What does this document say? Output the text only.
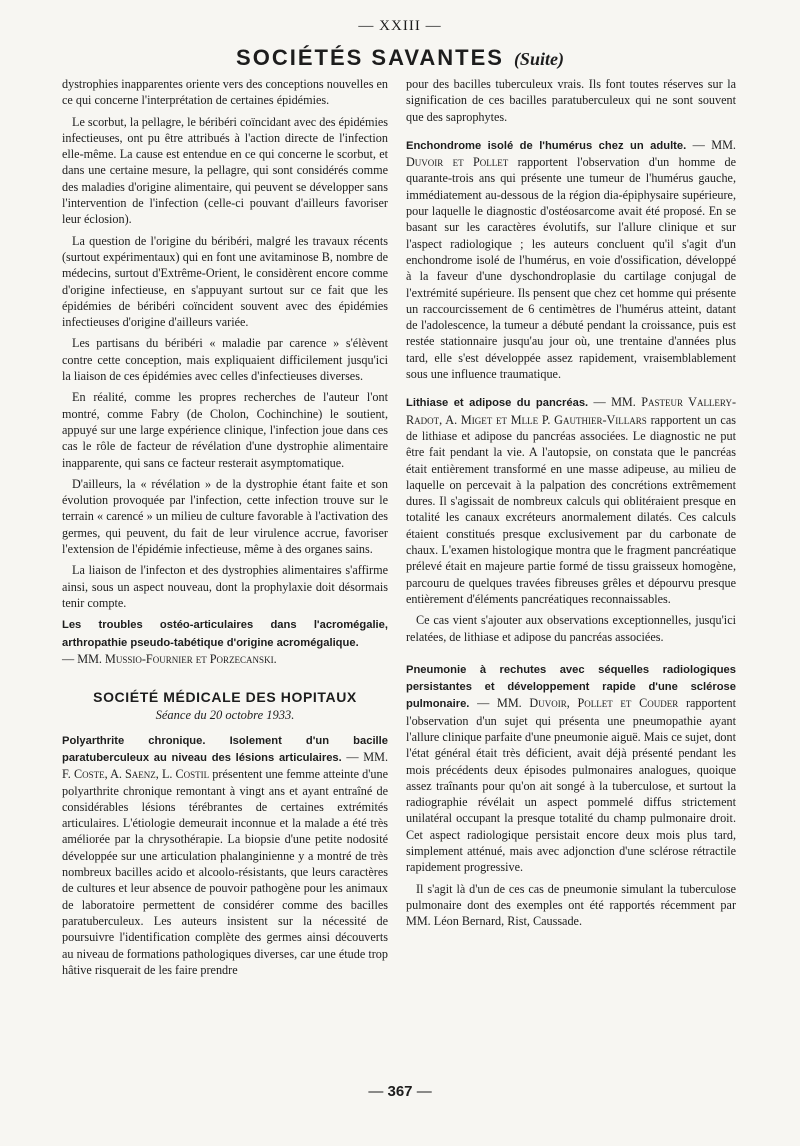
— XXIII —
SOCIÉTÉS SAVANTES (Suite)

dystrophies inapparentes oriente vers des conceptions nouvelles en ce qui concerne l'interprétation de certaines épidémies.

Le scorbut, la pellagre, le béribéri coïncidant avec des épidémies infectieuses, ont pu être attribués à l'action directe de l'infection elle-même. La cause est entendue en ce qui concerne le scorbut, et dans une certaine mesure, la pellagre, qui sont considérés comme des maladies d'origine alimentaire, qui peuvent se développer sans l'intervention de l'infection (celle-ci pouvant d'ailleurs favoriser leur éclosion).

La question de l'origine du béribéri, malgré les travaux récents (surtout expérimentaux) qui en font une avitaminose B, nombre de médecins, surtout d'Extrême-Orient, le considèrent encore comme d'origine infectieuse, en s'appuyant surtout sur ce fait que les épidémies de béribéri coïncident souvent avec des épidémies infectieuses d'origine d'ailleurs variée.

Les partisans du béribéri « maladie par carence » s'élèvent contre cette conception, mais expliquaient difficilement jusqu'ici la liaison de ces épidémies avec celles d'infectieuses diverses.

En réalité, comme les propres recherches de l'auteur l'ont montré, comme Fabry (de Cholon, Cochinchine) le soutient, appuyé sur une large expérience clinique, l'infection joue dans ces cas le rôle de facteur de révélation d'une dystrophie alimentaire inapparente, qui sans ce facteur resterait asymptomatique.

D'ailleurs, la « révélation » de la dystrophie étant faite et son évolution provoquée par l'infection, cette infection trouve sur le terrain « carencé » un milieu de culture favorable à l'activation des germes, qui peuvent, du fait de leur virulence accrue, favoriser l'extension de l'épidémie infectieuse, même à des organes sains.

La liaison de l'infecton et des dystrophies alimentaires s'affirme ainsi, sous un aspect nouveau, dont la prophylaxie doit désormais tenir compte.

Les troubles ostéo-articulaires dans l'acromégalie, arthropathie pseudo-tabétique d'origine acromégalique.
— MM. Mussio-Fournier et Porzecanski.

SOCIÉTÉ MÉDICALE DES HOPITAUX
Séance du 20 octobre 1933.

Polyarthrite chronique. Isolement d'un bacille paratuberculeux au niveau des lésions articulaires. — MM. F. Coste, A. Saenz, L. Costil présentent une femme atteinte d'une polyarthrite chronique remontant à vingt ans et ayant entraîné de considérables lésions térébrantes de certaines extrémités articulaires. L'étiologie demeurait inconnue et la malade a été très améliorée par la chrysothérapie. La biopsie d'une petite nodosité développée sur une articulation phalanginienne y a montré de très nombreux bacilles acido et alcoolo-résistants, que leurs caractères de cultures et leur absence de pouvoir pathogène pour les animaux de laboratoire permettent de considérer comme des bacilles paratuberculeux. Les auteurs insistent sur la nécessité de poursuivre l'identification complète des germes ainsi découverts au niveau de formations pathologiques diverses, car une étude trop hâtive risquerait de les faire prendre

pour des bacilles tuberculeux vrais. Ils font toutes réserves sur la signification de ces bacilles paratuberculeux qui ne sont souvent que des saprophytes.

Enchondrome isolé de l'humérus chez un adulte. — MM. Duvoir et Pollet rapportent l'observation d'un homme de quarante-trois ans qui présente une tumeur de l'humérus gauche, immédiatement au-dessous de la région dia-épiphysaire supérieure, pour laquelle le diagnostic d'ostéosarcome avait été proposé. En se basant sur les caractères évolutifs, sur l'allure clinique et sur l'aspect radiologique ; les auteurs concluent qu'il s'agit d'un enchondrome isolé de l'humérus, en voie d'ossification, développé à la faveur d'une dyschondroplasie du cartilage conjugal de l'extrémité supérieure. Ils pensent que chez cet homme qui présente un raccourcissement de 6 centimètres de l'humérus atteint, datant de l'adolescence, la tumeur a débuté pendant la croissance, puis est restée stationnaire jusqu'au jour où, une trentaine d'années plus tard, elle s'est développée assez rapidement, vraisemblablement sous une influence traumatique.

Lithiase et adipose du pancréas. — MM. Pasteur Vallery-Radot, A. Miget et Mlle P. Gauthier-Villars rapportent un cas de lithiase et adipose du pancréas associées. Le diagnostic ne put être fait pendant la vie. A l'autopsie, on constata que le pancréas était entièrement transformé en une masse adipeuse, au milieu de laquelle on percevait à la palpation des concrétions extrêmement dures. Il s'agissait de nombreux calculs qui oblitéraient presque en totalité les canaux excréteurs anormalement dilatés. Ces calculs étaient constitués presque exclusivement par du carbonate de chaux. L'examen histologique montra que le fragment pancréatique prélevé était en majeure partie formé de tissu graisseux homogène, parcouru de quelques travées fibreuses grêles et dépourvu presque entièrement d'éléments pancréatiques reconnaissables.

Ce cas vient s'ajouter aux observations exceptionnelles, jusqu'ici relatées, de lithiase et adipose du pancréas associées.

Pneumonie à rechutes avec séquelles radiologiques persistantes et développement rapide d'une sclérose pulmonaire. — MM. Duvoir, Pollet et Couder rapportent l'observation d'un sujet qui présenta une pneumopathie ayant l'allure clinique parfaite d'une pneumonie aiguë. Mais ce sujet, dont l'état général était très déficient, avait déjà présenté pendant les mois précédents deux épisodes pulmonaires analogues, quoique assez traînants pour qu'on ait songé à la tuberculose, et surtout la radiographie révélait un aspect pommelé diffus strictement unilatéral occupant la presque totalité du champ pulmonaire droit. Cet aspect radiologique persistait encore deux mois plus tard, simplement atténué, mais avec adjonction d'une sclérose rétractile rapidement progressive.

Il s'agit là d'un de ces cas de pneumonie simulant la tuberculose pulmonaire dont des exemples ont été rapportés récemment par MM. Léon Bernard, Rist, Caussade.

— 367 —
